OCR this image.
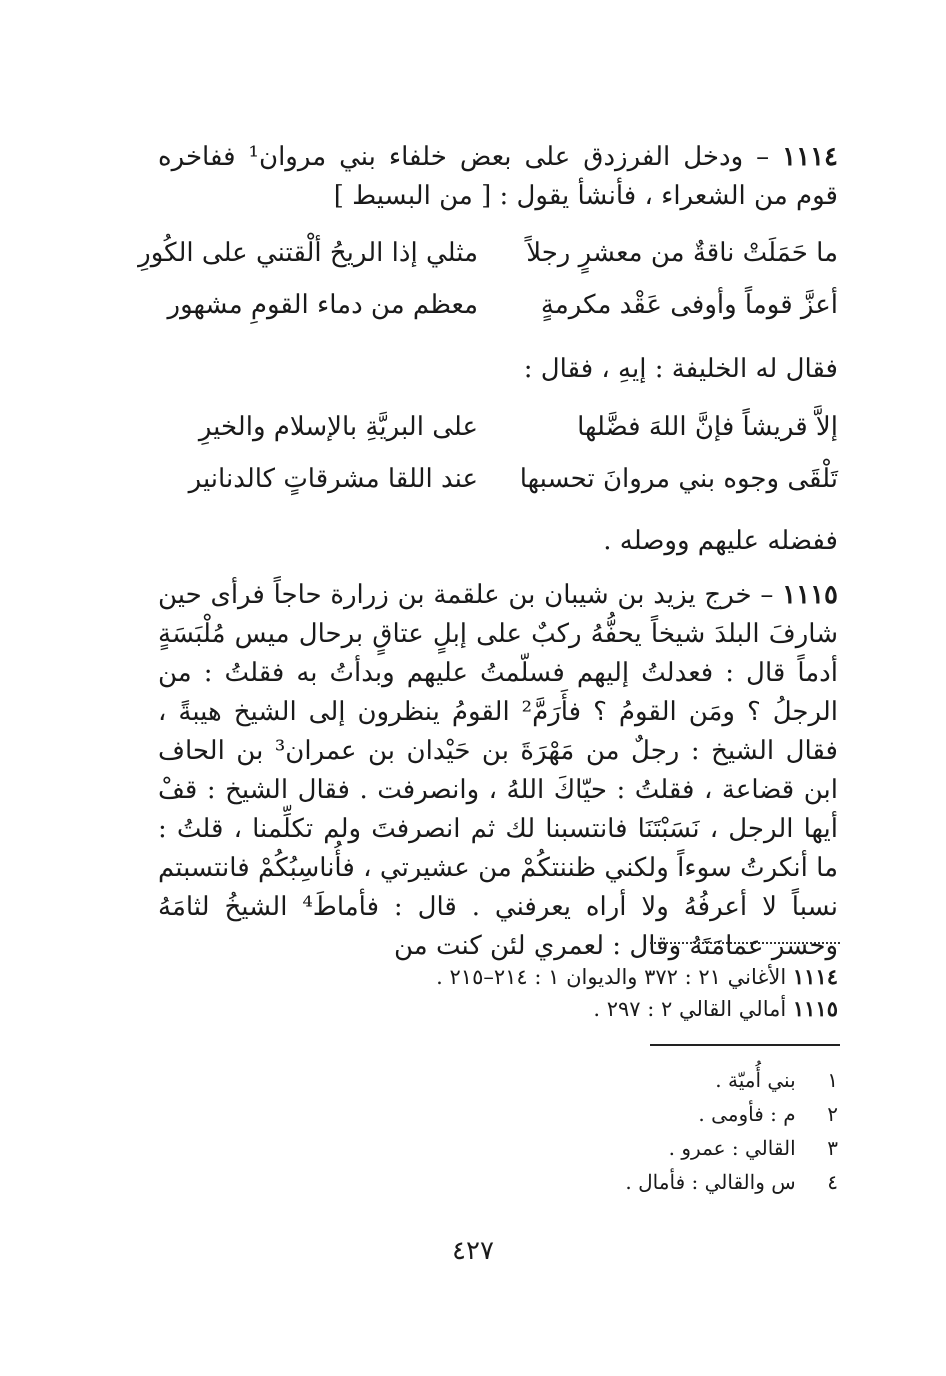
١١١٤ – ودخل الفرزدق على بعض خلفاء بني مروان¹ ففاخره قوم من الشعراء ، فأنشأ يقول : [ من البسيط ]
ما حَمَلَتْ ناقةٌ من معشرٍ رجلاً
مثلي إذا الريحُ ألْقتني على الكُورِ
أعزَّ قوماً وأوفى عَقْد مكرمةٍ
معظم من دماء القومِ مشهور
فقال له الخليفة : إيهِ ، فقال :
إلاَّ قريشاً فإنَّ اللهَ فضَّلها
على البريَّةِ بالإسلام والخيرِ
تَلْقَى وجوه بني مروانَ تحسبها
عند اللقا مشرقاتٍ كالدنانير
ففضله عليهم ووصله .
١١١٥ – خرج يزيد بن شيبان بن علقمة بن زرارة حاجاً فرأى حين شارفَ البلدَ شيخاً يحفُّهُ ركبٌ على إبلٍ عتاقٍ برحال ميس مُلْبَسَةٍ أدماً قال : فعدلتُ إليهم فسلّمتُ عليهم وبدأتُ به فقلتُ : من الرجلُ ؟ ومَن القومُ ؟ فأَرَمَّ² القومُ ينظرون إلى الشيخ هيبةً ، فقال الشيخ : رجلٌ من مَهْرَةَ بن حَيْدان بن عمران³ بن الحاف ابن قضاعة ، فقلتُ : حيّاكَ اللهُ ، وانصرفت . فقال الشيخ : قفْ أيها الرجل ، نَسَبْتَنَا فانتسبنا لك ثم انصرفتَ ولم تكلِّمنا ، قلتُ : ما أنكرتُ سوءاً ولكني ظننتكُمْ من عشيرتي ، فأُناسِبُكُمْ فانتسبتم نسباً لا أعرفُهُ ولا أراه يعرفني . قال : فأماطَ⁴ الشيخُ لثامَهُ وحسر عمامَتَهُ وقال : لعمري لئن كنت من
١١١٤ الأغاني ٢١ : ٣٧٢ والديوان ١ : ٢١٤–٢١٥ .
١١١٥ أمالي القالي ٢ : ٢٩٧ .
١ بني أُميّة .
٢ م : فأومى .
٣ القالي : عمرو .
٤ س والقالي : فأمال .
٤٢٧
